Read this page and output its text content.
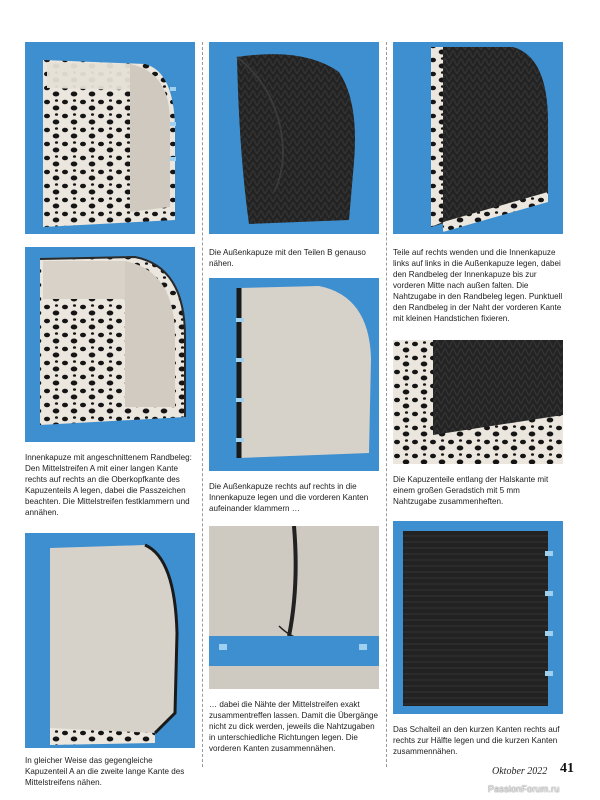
Innenkapuze mit angeschnittenem Randbeleg: Den Mittelstreifen A mit einer langen Kante rechts auf rechts an die Oberkopfkante des Kapuzenteils A legen, dabei die Passzeichen beachten. Die Mittelstreifen festklammern und annähen.

In gleicher Weise das gegengleiche Kapuzenteil A an die zweite lange Kante des Mittelstreifens nähen.

Die Außenkapuze mit den Teilen B genauso nähen.

Die Außenkapuze rechts auf rechts in die Innenkapuze legen und die vorderen Kanten aufeinander klammern …

… dabei die Nähte der Mittelstreifen exakt zusammentreffen lassen. Damit die Übergänge nicht zu dick werden, jeweils die Nahtzugaben in unterschiedliche Richtungen legen. Die vorderen Kanten zusammennähen.

Teile auf rechts wenden und die Innenkapuze links auf links in die Außenkapuze legen, dabei den Randbeleg der Innenkapuze bis zur vorderen Mitte nach außen falten. Die Nahtzugabe in den Randbeleg legen. Punktuell den Randbeleg in der Naht der vorderen Kante mit kleinen Handstichen fixieren.

Die Kapuzenteile entlang der Halskante mit einem großen Geradstich mit 5 mm Nahtzugabe zusammenheften.

Das Schalteil an den kurzen Kanten rechts auf rechts zur Hälfte legen und die kurzen Kanten zusammennähen.

Oktober 2022 41
PassionForum.ru
